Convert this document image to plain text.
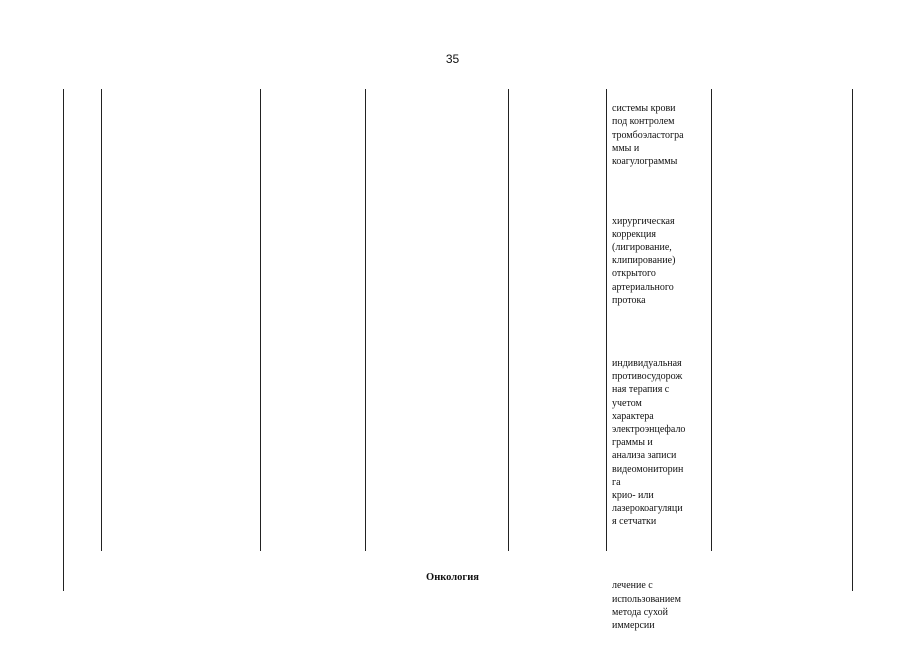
35

системы крови
под контролем
тромбоэластогра
ммы и
коагулограммы

хирургическая
коррекция
(лигирование,
клипирование)
открытого
артериального
протока

индивидуальная
противосудорож
ная терапия с
учетом
характера
электроэнцефало
граммы и
анализа записи
видеомониторин
га
крио- или
лазерокоагуляци
я сетчатки

лечение с
использованием
метода сухой
иммерсии

Онкология
